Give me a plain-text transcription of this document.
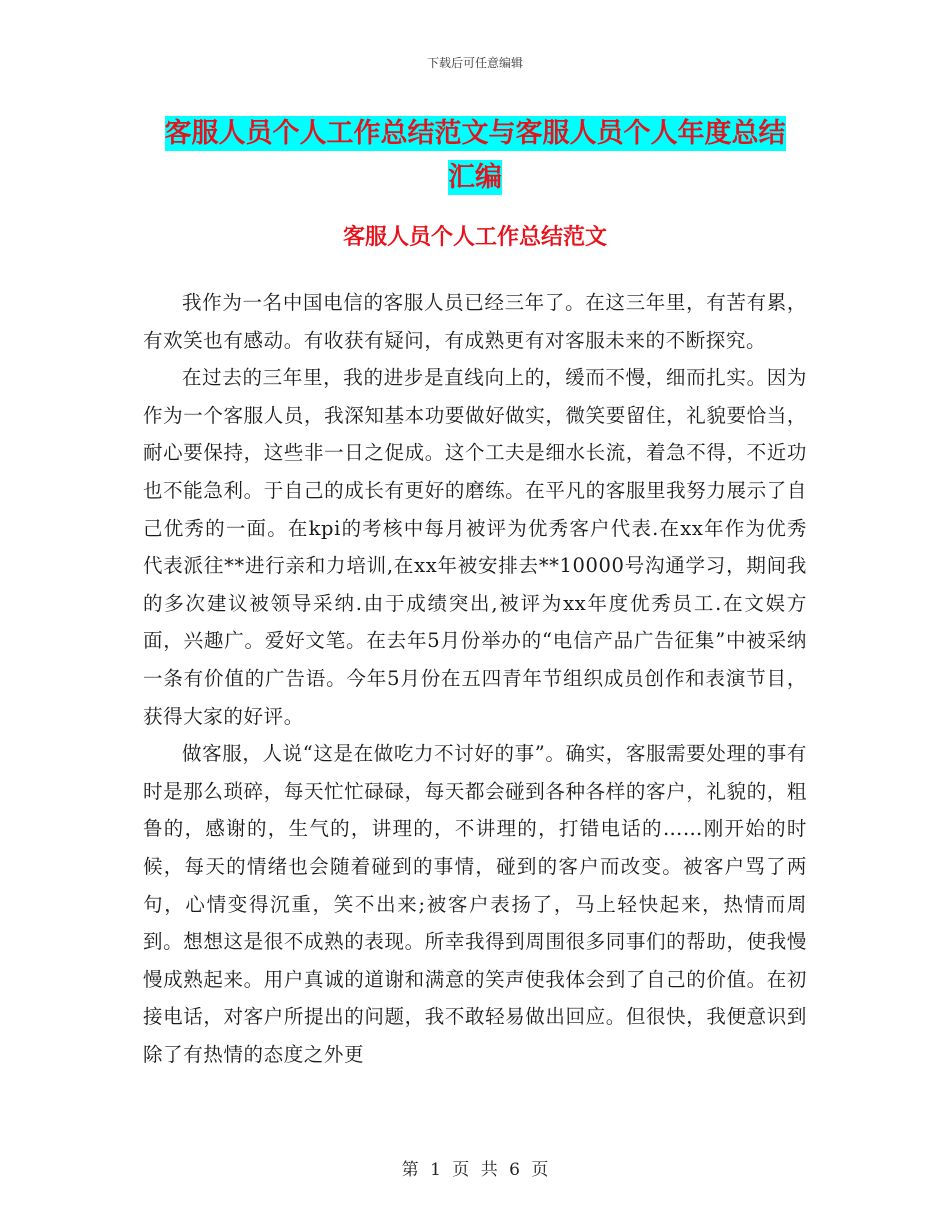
下载后可任意编辑
客服人员个人工作总结范文与客服人员个人年度总结
汇编
客服人员个人工作总结范文

我作为一名中国电信的客服人员已经三年了。在这三年里，有苦有累，有欢笑也有感动。有收获有疑问，有成熟更有对客服未来的不断探究。

在过去的三年里，我的进步是直线向上的，缓而不慢，细而扎实。因为作为一个客服人员，我深知基本功要做好做实，微笑要留住，礼貌要恰当，耐心要保持，这些非一日之促成。这个工夫是细水长流，着急不得，不近功也不能急利。于自己的成长有更好的磨练。在平凡的客服里我努力展示了自己优秀的一面。在kpi的考核中每月被评为优秀客户代表.在xx年作为优秀代表派往**进行亲和力培训,在xx年被安排去**10000号沟通学习，期间我的多次建议被领导采纳.由于成绩突出,被评为xx年度优秀员工.在文娱方面，兴趣广。爱好文笔。在去年5月份举办的“电信产品广告征集”中被采纳一条有价值的广告语。今年5月份在五四青年节组织成员创作和表演节目，获得大家的好评。

做客服，人说“这是在做吃力不讨好的事”。确实，客服需要处理的事有时是那么琐碎，每天忙忙碌碌，每天都会碰到各种各样的客户，礼貌的，粗鲁的，感谢的，生气的，讲理的，不讲理的，打错电话的……刚开始的时候，每天的情绪也会随着碰到的事情，碰到的客户而改变。被客户骂了两句，心情变得沉重，笑不出来;被客户表扬了，马上轻快起来，热情而周到。想想这是很不成熟的表现。所幸我得到周围很多同事们的帮助，使我慢慢成熟起来。用户真诚的道谢和满意的笑声使我体会到了自己的价值。在初接电话，对客户所提出的问题，我不敢轻易做出回应。但很快，我便意识到除了有热情的态度之外更

第 1 页 共 6 页
